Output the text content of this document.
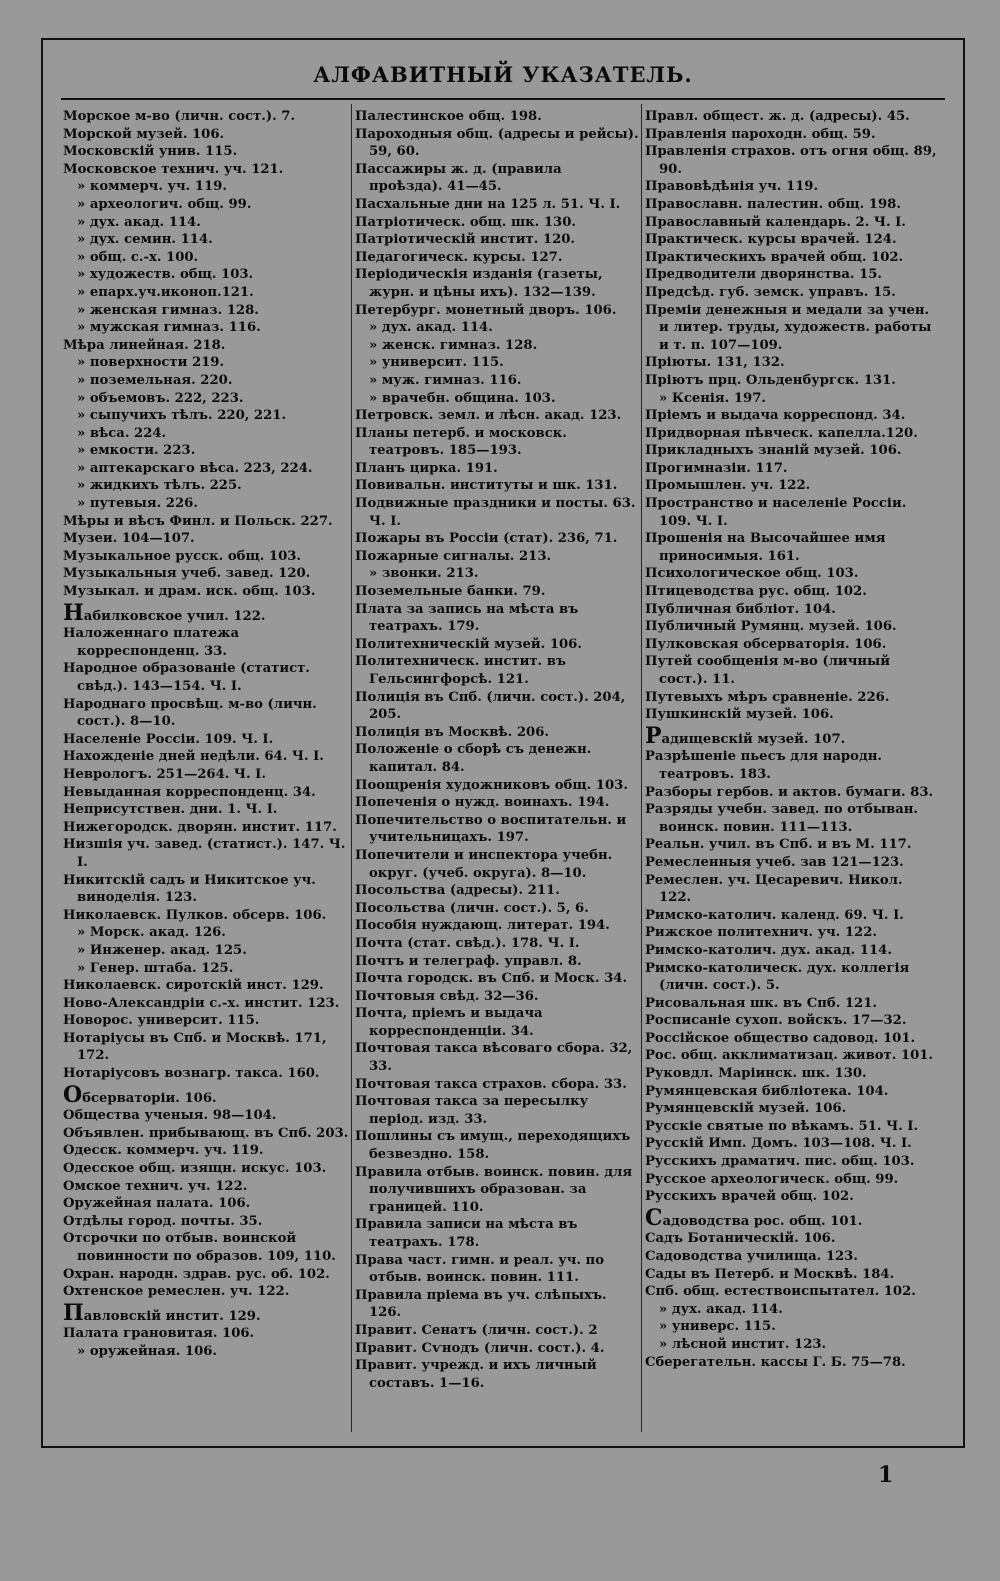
АЛФАВИТНЫЙ УКАЗАТЕЛЬ.

Морское м-во (личн. сост.). 7.

Морской музей. 106.

Московскій унив. 115.

Московское технич. уч. 121.

» коммерч. уч. 119.

» археологич. общ. 99.

» дух. акад. 114.

» дух. семин. 114.

» общ. с.-х. 100.

» художеств. общ. 103.

» епарх.уч.иконоп.121.

» женская гимназ. 128.

» мужская гимназ. 116.

Мѣра линейная. 218.

» поверхности 219.

» поземельная. 220.

» объемовъ. 222, 223.

» сыпучихъ тѣлъ. 220, 221.

» вѣса. 224.

» емкости. 223.

» аптекарскаго вѣса. 223, 224.

» жидкихъ тѣлъ. 225.

» путевыя. 226.

Мѣры и вѣсъ Финл. и Польск. 227.

Музеи. 104—107.

Музыкальное русск. общ. 103.

Музыкальныя учеб. завед. 120.

Музыкал. и драм. иск. общ. 103.

Набилковское учил. 122.

Наложеннаго платежа корреспонденц. 33.

Народное образованіе (статист. свѣд.). 143—154. Ч. I.

Народнаго просвѣщ. м-во (личн. сост.). 8—10.

Населеніе Россіи. 109. Ч. I.

Нахожденіе дней недѣли. 64. Ч. I.

Неврологъ. 251—264. Ч. I.

Невыданная корреспонденц. 34.

Неприсутствен. дни. 1. Ч. I.

Нижегородск. дворян. инстит. 117.

Низшія уч. завед. (статист.). 147. Ч. I.

Никитскій садъ и Никитское уч. виноделія. 123.

Николаевск. Пулков. обсерв. 106.

» Морск. акад. 126.

» Инженер. акад. 125.

» Генер. штаба. 125.

Николаевск. сиротскій инст. 129.

Ново-Александріи с.-х. инстит. 123.

Новорос. университ. 115.

Нотаріусы въ Спб. и Москвѣ. 171, 172.

Нотаріусовъ вознагр. такса. 160.

Обсерваторіи. 106.

Общества ученыя. 98—104.

Объявлен. прибывающ. въ Спб. 203.

Одесск. коммерч. уч. 119.

Одесское общ. изящн. искус. 103.

Омское технич. уч. 122.

Оружейная палата. 106.

Отдѣлы город. почты. 35.

Отсрочки по отбыв. воинской повинности по образов. 109, 110.

Охран. народн. здрав. рус. об. 102.

Охтенское ремеслен. уч. 122.

Павловскій инстит. 129.

Палата грановитая. 106.

» оружейная. 106.

Палестинское общ. 198.

Пароходныя общ. (адресы и рейсы). 59, 60.

Пассажиры ж. д. (правила проѣзда). 41—45.

Пасхальные дни на 125 л. 51. Ч. I.

Патріотическ. общ. шк. 130.

Патріотическій инстит. 120.

Педагогическ. курсы. 127.

Періодическія изданія (газеты, журн. и цѣны ихъ). 132—139.

Петербург. монетный дворъ. 106.

» дух. акад. 114.

» женск. гимназ. 128.

» университ. 115.

» муж. гимназ. 116.

» врачебн. община. 103.

Петровск. земл. и лѣсн. акад. 123.

Планы петерб. и московск. театровъ. 185—193.

Планъ цирка. 191.

Повивальн. институты и шк. 131.

Подвижные праздники и посты. 63. Ч. I.

Пожары въ Россіи (стат). 236, 71.

Пожарные сигналы. 213.

» звонки. 213.

Поземельные банки. 79.

Плата за запись на мѣста въ театрахъ. 179.

Политехническій музей. 106.

Политехническ. инстит. въ Гельсингфорсѣ. 121.

Полиція въ Спб. (личн. сост.). 204, 205.

Полиція въ Москвѣ. 206.

Положеніе о сборѣ съ денежн. капитал. 84.

Поощренія художниковъ общ. 103.

Попеченія о нужд. воинахъ. 194.

Попечительство о воспитательн. и учительницахъ. 197.

Попечители и инспектора учебн. округ. (учеб. округа). 8—10.

Посольства (адресы). 211.

Посольства (личн. сост.). 5, 6.

Пособія нуждающ. литерат. 194.

Почта (стат. свѣд.). 178. Ч. I.

Почтъ и телеграф. управл. 8.

Почта городск. въ Спб. и Моск. 34.

Почтовыя свѣд. 32—36.

Почта, пріемъ и выдача корреспонденціи. 34.

Почтовая такса вѣсоваго сбора. 32, 33.

Почтовая такса страхов. сбора. 33.

Почтовая такса за пересылку період. изд. 33.

Пошлины съ имущ., переходящихъ безвездно. 158.

Правила отбыв. воинск. повин. для получившихъ образован. за границей. 110.

Правила записи на мѣста въ театрахъ. 178.

Права част. гимн. и реал. уч. по отбыв. воинск. повин. 111.

Правила пріема въ уч. слѣпыхъ. 126.

Правит. Сенатъ (личн. сост.). 2

Правит. Сѵнодъ (личн. сост.). 4.

Правит. учрежд. и ихъ личный составъ. 1—16.

Правл. общест. ж. д. (адресы). 45.

Правленія пароходн. общ. 59.

Правленія страхов. отъ огня общ. 89, 90.

Правовѣдѣнія уч. 119.

Православн. палестин. общ. 198.

Православный календарь. 2. Ч. I.

Практическ. курсы врачей. 124.

Практическихъ врачей общ. 102.

Предводители дворянства. 15.

Предсѣд. губ. земск. управъ. 15.

Преміи денежныя и медали за учен. и литер. труды, художеств. работы и т. п. 107—109.

Пріюты. 131, 132.

Пріютъ прц. Ольденбургск. 131.

» Ксенія. 197.

Пріемъ и выдача корреспонд. 34.

Придворная пѣвческ. капелла.120.

Прикладныхъ знаній музей. 106.

Прогимназіи. 117.

Промышлен. уч. 122.

Пространство и населеніе Россіи. 109. Ч. I.

Прошенія на Высочайшее имя приносимыя. 161.

Психологическое общ. 103.

Птицеводства рус. общ. 102.

Публичная библіот. 104.

Публичный Румянц. музей. 106.

Пулковская обсерваторія. 106.

Путей сообщенія м-во (личный сост.). 11.

Путевыхъ мѣръ сравненіе. 226.

Пушкинскій музей. 106.

Радищевскій музей. 107.

Разрѣшеніе пьесъ для народн. театровъ. 183.

Разборы гербов. и актов. бумаги. 83.

Разряды учебн. завед. по отбыван. воинск. повин. 111—113.

Реальн. учил. въ Спб. и въ М. 117.

Ремесленныя учеб. зав 121—123.

Ремеслен. уч. Цесаревич. Никол. 122.

Римско-католич. календ. 69. Ч. I.

Рижское политехнич. уч. 122.

Римско-католич. дух. акад. 114.

Римско-католическ. дух. коллегія (личн. сост.). 5.

Рисовальная шк. въ Спб. 121.

Росписаніе сухоп. войскъ. 17—32.

Россійское общество садовод. 101.

Рос. общ. акклиматизац. живот. 101.

Руковдл. Маріинск. шк. 130.

Румянцевская библіотека. 104.

Румянцевскій музей. 106.

Русскіе святые по вѣкамъ. 51. Ч. I.

Русскій Имп. Домъ. 103—108. Ч. I.

Русскихъ драматич. пис. общ. 103.

Русское археологическ. общ. 99.

Русскихъ врачей общ. 102.

Садоводства рос. общ. 101.

Садъ Ботаническій. 106.

Садоводства училища. 123.

Сады въ Петерб. и Москвѣ. 184.

Спб. общ. естествоиспытател. 102.

» дух. акад. 114.

» универс. 115.

» лѣсной инстит. 123.

Сберегательн. кассы Г. Б. 75—78.

1
